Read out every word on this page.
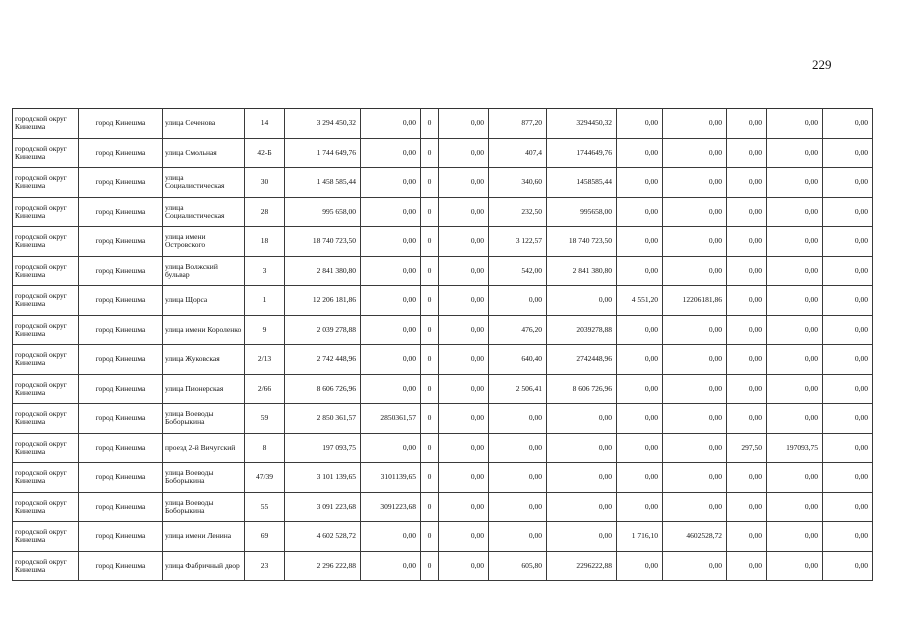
229
городской округ Кинешма	город Кинешма	улица Сеченова	14	3 294 450,32	0,00	0	0,00	877,20	3294450,32	0,00	0,00	0,00	0,00	0,00
городской округ Кинешма	город Кинешма	улица Смольная	42-Б	1 744 649,76	0,00	0	0,00	407,4	1744649,76	0,00	0,00	0,00	0,00	0,00
городской округ Кинешма	город Кинешма	улица Социалистическая	30	1 458 585,44	0,00	0	0,00	340,60	1458585,44	0,00	0,00	0,00	0,00	0,00
городской округ Кинешма	город Кинешма	улица Социалистическая	28	995 658,00	0,00	0	0,00	232,50	995658,00	0,00	0,00	0,00	0,00	0,00
городской округ Кинешма	город Кинешма	улица имени Островского	18	18 740 723,50	0,00	0	0,00	3 122,57	18 740 723,50	0,00	0,00	0,00	0,00	0,00
городской округ Кинешма	город Кинешма	улица Волжский бульвар	3	2 841 380,80	0,00	0	0,00	542,00	2 841 380,80	0,00	0,00	0,00	0,00	0,00
городской округ Кинешма	город Кинешма	улица Щорса	1	12 206 181,86	0,00	0	0,00	0,00	0,00	4 551,20	12206181,86	0,00	0,00	0,00
городской округ Кинешма	город Кинешма	улица имени Короленко	9	2 039 278,88	0,00	0	0,00	476,20	2039278,88	0,00	0,00	0,00	0,00	0,00
городской округ Кинешма	город Кинешма	улица Жуковская	2/13	2 742 448,96	0,00	0	0,00	640,40	2742448,96	0,00	0,00	0,00	0,00	0,00
городской округ Кинешма	город Кинешма	улица Пионерская	2/66	8 606 726,96	0,00	0	0,00	2 506,41	8 606 726,96	0,00	0,00	0,00	0,00	0,00
городской округ Кинешма	город Кинешма	улица Воеводы Боборыкина	59	2 850 361,57	2850361,57	0	0,00	0,00	0,00	0,00	0,00	0,00	0,00	0,00
городской округ Кинешма	город Кинешма	проезд 2-й Вичугский	8	197 093,75	0,00	0	0,00	0,00	0,00	0,00	0,00	297,50	197093,75	0,00
городской округ Кинешма	город Кинешма	улица Воеводы Боборыкина	47/39	3 101 139,65	3101139,65	0	0,00	0,00	0,00	0,00	0,00	0,00	0,00	0,00
городской округ Кинешма	город Кинешма	улица Воеводы Боборыкина	55	3 091 223,68	3091223,68	0	0,00	0,00	0,00	0,00	0,00	0,00	0,00	0,00
городской округ Кинешма	город Кинешма	улица имени Ленина	69	4 602 528,72	0,00	0	0,00	0,00	0,00	1 716,10	4602528,72	0,00	0,00	0,00
городской округ Кинешма	город Кинешма	улица Фабричный двор	23	2 296 222,88	0,00	0	0,00	605,80	2296222,88	0,00	0,00	0,00	0,00	0,00
